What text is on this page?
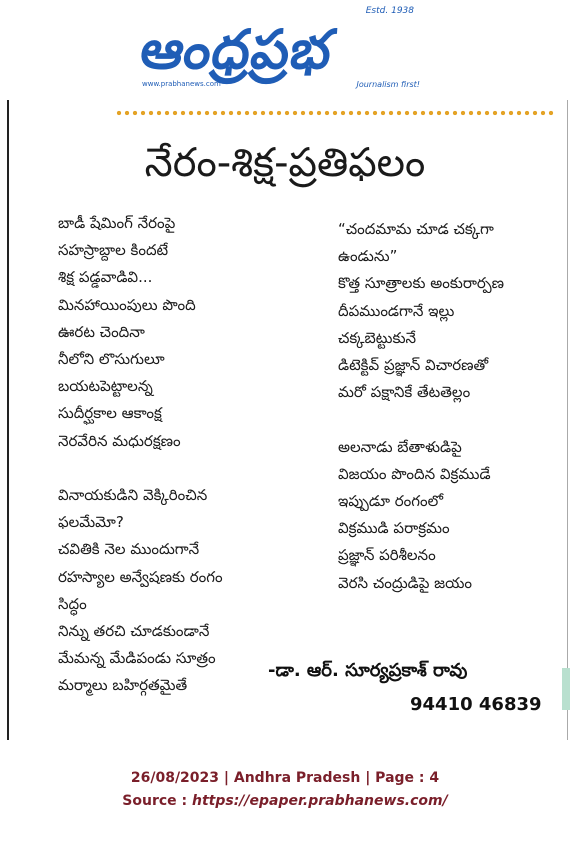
Estd. 1938
ఆంధ్రప్రభ
www.prabhanews.com	Journalism first!
నేరం-శిక్ష-ప్రతిఫలం
బాడీ షేమింగ్ నేరంపై
సహస్రాబ్దాల కిందటే
శిక్ష పడ్డవాడివి...
మినహాయింపులు పొంది
ఊరట చెందినా
నీలోని లొసుగులూ
బయటపెట్టాలన్న
సుదీర్ఘకాల ఆకాంక్ష
నెరవేరిన మధురక్షణం
వినాయకుడిని వెక్కిరించిన
ఫలమేమో?
చవితికి నెల ముందుగానే
రహస్యాల అన్వేషణకు రంగం
సిద్ధం
నిన్ను తరచి చూడకుండానే
మేమన్న మేడిపండు సూత్రం
మర్మాలు బహిర్గతమైతే
“చందమామ చూడ చక్కగా
ఉండును”
కొత్త సూత్రాలకు అంకురార్పణ
దీపముండగానే ఇల్లు
చక్కబెట్టుకునే
డిటెక్టివ్ ప్రజ్ఞాన్ విచారణతో
మరో పక్షానికే తేటతెల్లం
అలనాడు బేతాళుడిపై
విజయం పొందిన విక్రముడే
ఇప్పుడూ రంగంలో
విక్రముడి పరాక్రమం
ప్రజ్ఞాన్ పరిశీలనం
వెరసి చంద్రుడిపై జయం
-డా. ఆర్. సూర్యప్రకాశ్ రావు
94410 46839
26/08/2023 | Andhra Pradesh | Page : 4
Source : https://epaper.prabhanews.com/
